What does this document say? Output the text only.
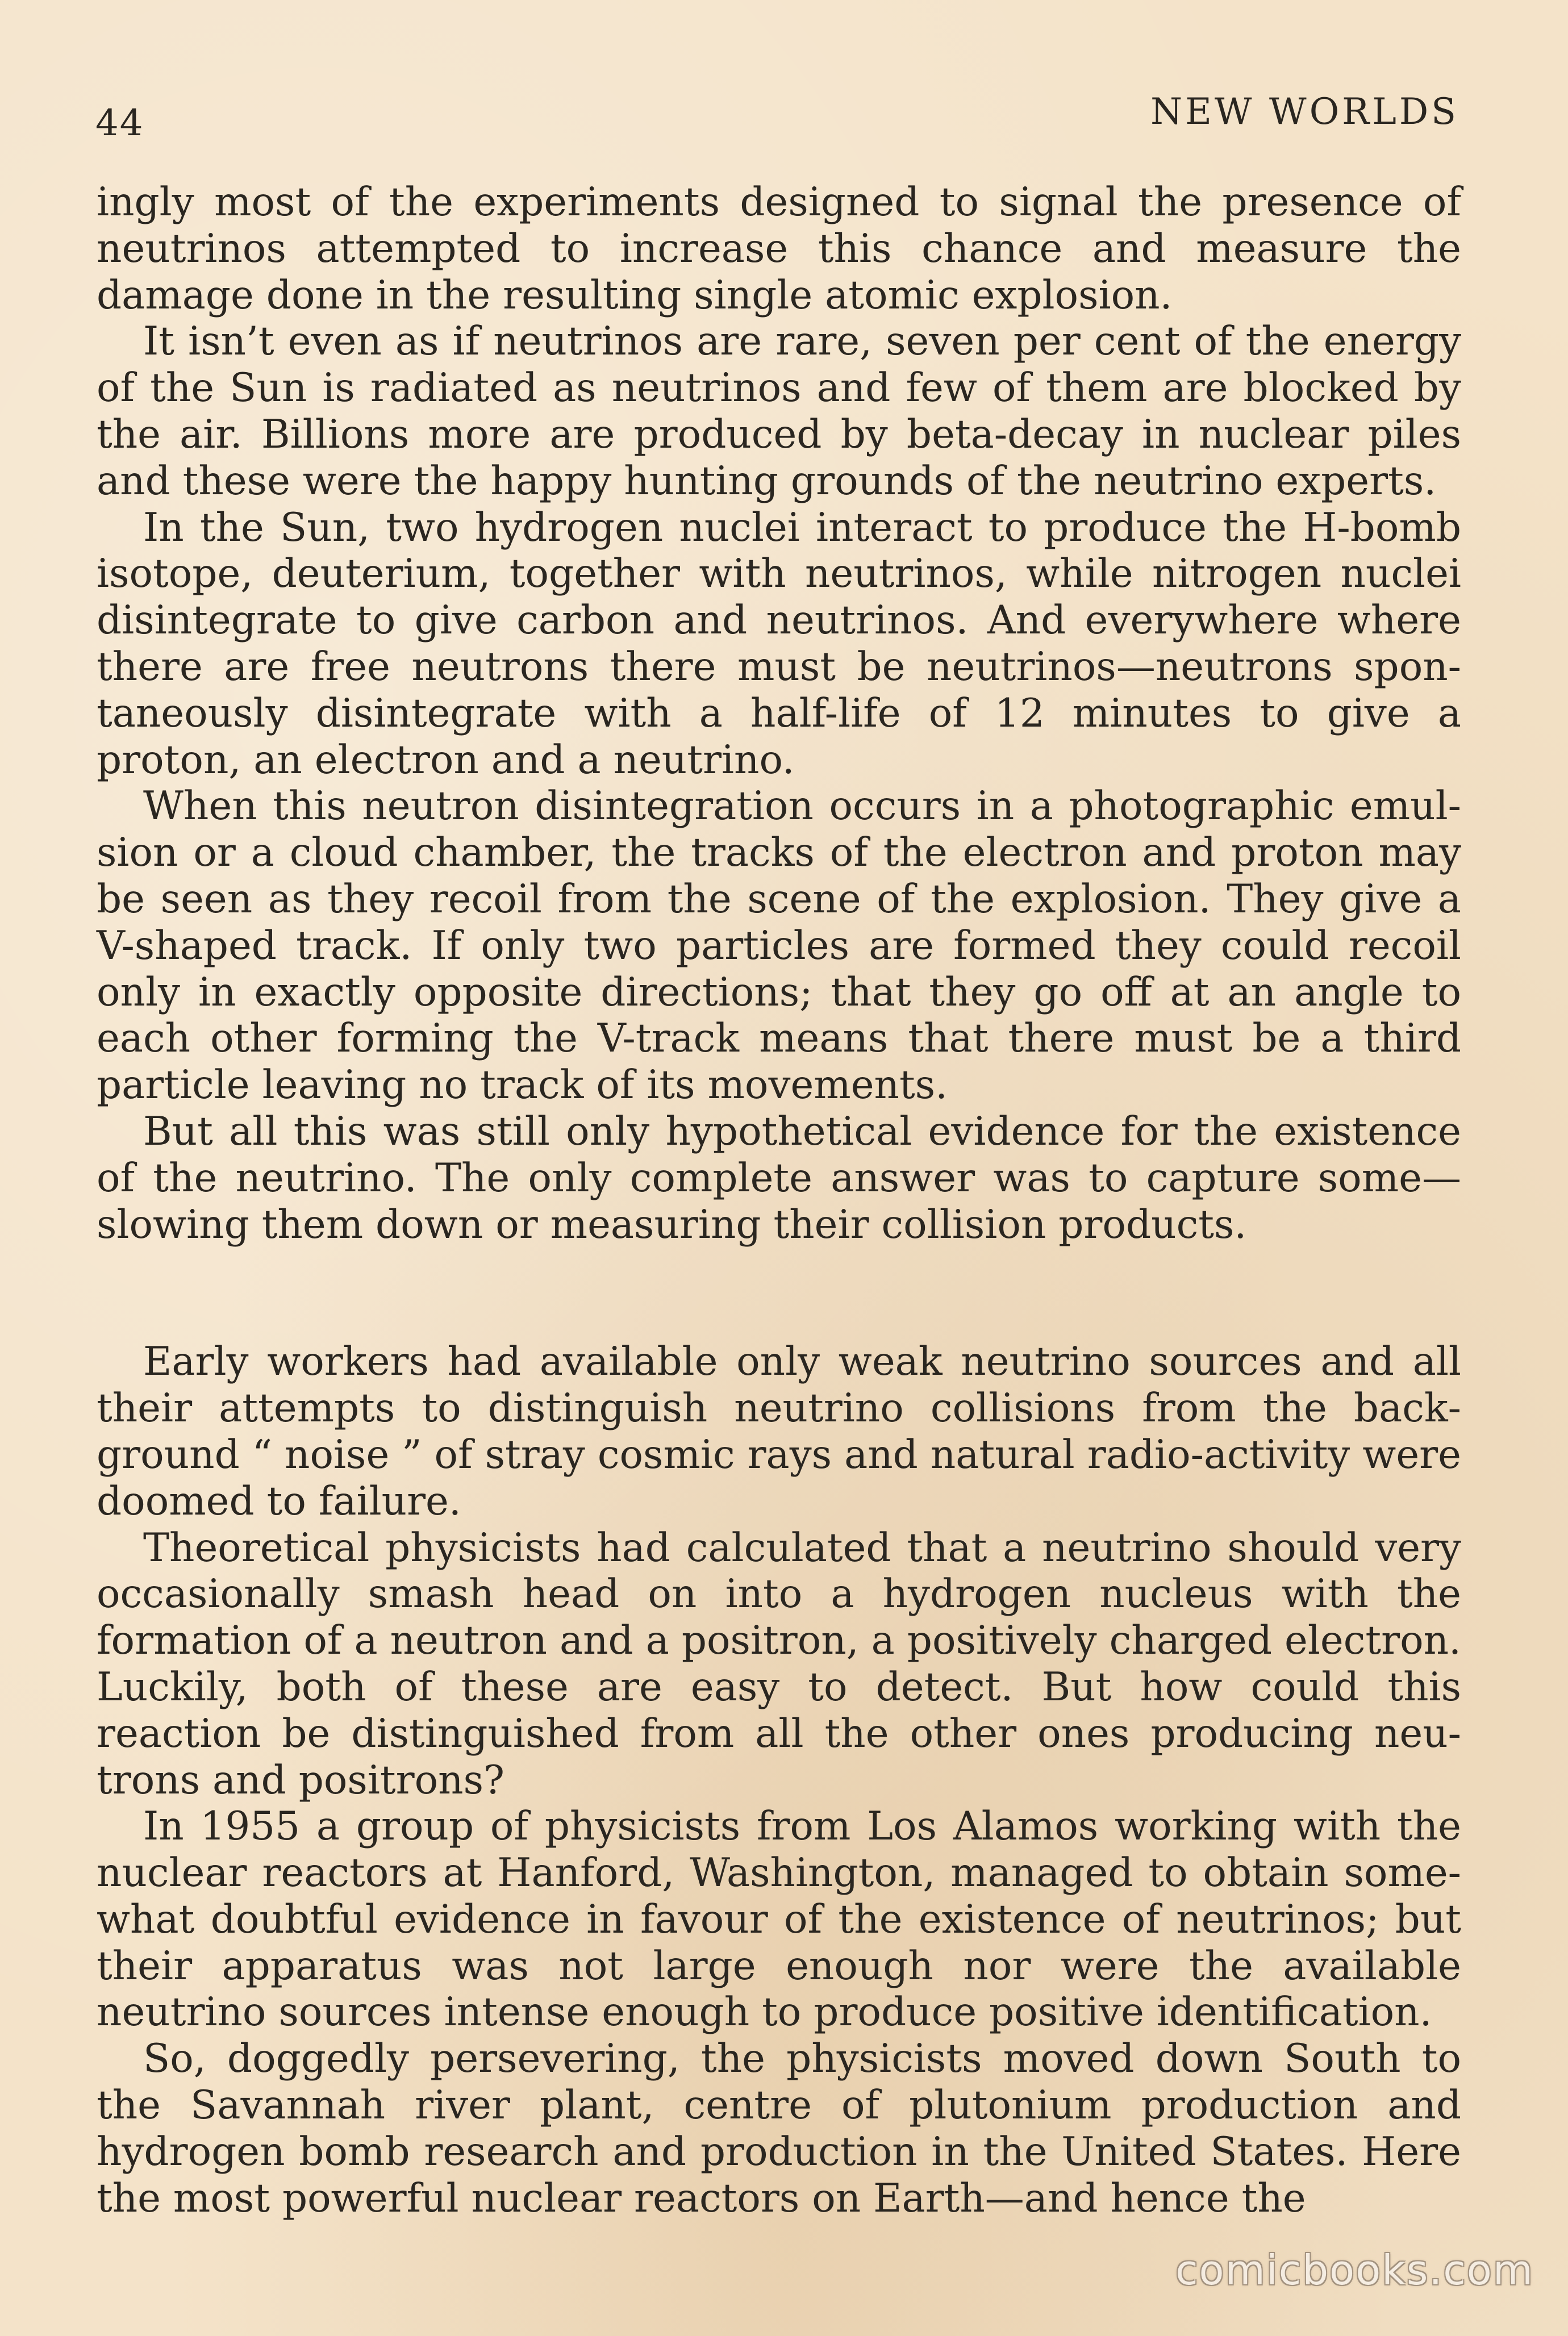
44	NEW WORLDS

ingly most of the experiments designed to signal the presence of neutrinos attempted to increase this chance and measure the damage done in the resulting single atomic explosion.

It isn’t even as if neutrinos are rare, seven per cent of the energy of the Sun is radiated as neutrinos and few of them are blocked by the air. Billions more are produced by beta-decay in nuclear piles and these were the happy hunting grounds of the neutrino experts.

In the Sun, two hydrogen nuclei interact to produce the H-bomb isotope, deuterium, together with neutrinos, while nitrogen nuclei disintegrate to give carbon and neutrinos. And everywhere where there are free neutrons there must be neutrinos—neutrons spontaneously disintegrate with a half-life of 12 minutes to give a proton, an electron and a neutrino.

When this neutron disintegration occurs in a photographic emulsion or a cloud chamber, the tracks of the electron and proton may be seen as they recoil from the scene of the explosion. They give a V-shaped track. If only two particles are formed they could recoil only in exactly opposite directions; that they go off at an angle to each other forming the V-track means that there must be a third particle leaving no track of its movements.

But all this was still only hypothetical evidence for the existence of the neutrino. The only complete answer was to capture some—slowing them down or measuring their collision products.

Early workers had available only weak neutrino sources and all their attempts to distinguish neutrino collisions from the background “ noise ” of stray cosmic rays and natural radio-activity were doomed to failure.

Theoretical physicists had calculated that a neutrino should very occasionally smash head on into a hydrogen nucleus with the formation of a neutron and a positron, a positively charged electron. Luckily, both of these are easy to detect. But how could this reaction be distinguished from all the other ones producing neutrons and positrons?

In 1955 a group of physicists from Los Alamos working with the nuclear reactors at Hanford, Washington, managed to obtain somewhat doubtful evidence in favour of the existence of neutrinos; but their apparatus was not large enough nor were the available neutrino sources intense enough to produce positive identification.

So, doggedly persevering, the physicists moved down South to the Savannah river plant, centre of plutonium production and hydrogen bomb research and production in the United States. Here the most powerful nuclear reactors on Earth—and hence the

comicbooks.com
